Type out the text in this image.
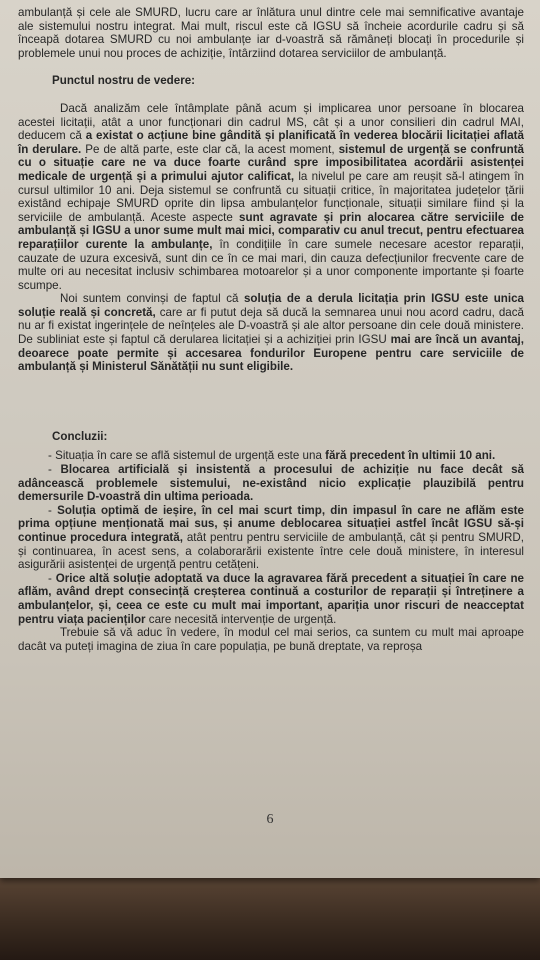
ambulanță și cele ale SMURD, lucru care ar înlătura unul dintre cele mai semnificative avantaje ale sistemului nostru integrat. Mai mult, riscul este că IGSU să încheie acordurile cadru și să înceapă dotarea SMURD cu noi ambulanțe iar d-voastră să rămâneți blocați în procedurile și problemele unui nou proces de achiziție, întârziind dotarea serviciilor de ambulanță.

Punctul nostru de vedere:

Dacă analizăm cele întâmplate până acum și implicarea unor persoane în blocarea acestei licitații, atât a unor funcționari din cadrul MS, cât și a unor consilieri din cadrul MAI, deducem că a existat o acțiune bine gândită și planificată în vederea blocării licitației aflată în derulare. Pe de altă parte, este clar că, la acest moment, sistemul de urgență se confruntă cu o situație care ne va duce foarte curând spre imposibilitatea acordării asistenței medicale de urgență și a primului ajutor calificat, la nivelul pe care am reușit să-l atingem în cursul ultimilor 10 ani. Deja sistemul se confruntă cu situații critice, în majoritatea județelor țării existând echipaje SMURD oprite din lipsa ambulanțelor funcționale, situații similare fiind și la serviciile de ambulanță. Aceste aspecte sunt agravate și prin alocarea către serviciile de ambulanță și IGSU a unor sume mult mai mici, comparativ cu anul trecut, pentru efectuarea reparațiilor curente la ambulanțe, în condițiile în care sumele necesare acestor reparații, cauzate de uzura excesivă, sunt din ce în ce mai mari, din cauza defecțiunilor frecvente care de multe ori au necesitat inclusiv schimbarea motoarelor și a unor componente importante și foarte scumpe.

Noi suntem convinși de faptul că soluția de a derula licitația prin IGSU este unica soluție reală și concretă, care ar fi putut deja să ducă la semnarea unui nou acord cadru, dacă nu ar fi existat ingerințele de neînțeles ale D-voastră și ale altor persoane din cele două ministere. De subliniat este și faptul că derularea licitației și a achiziției prin IGSU mai are încă un avantaj, deoarece poate permite și accesarea fondurilor Europene pentru care serviciile de ambulanță și Ministerul Sănătății nu sunt eligibile.

Concluzii:

- Situația în care se află sistemul de urgență este una fără precedent în ultimii 10 ani.

- Blocarea artificială și insistentă a procesului de achiziție nu face decât să adâncească problemele sistemului, ne-existând nicio explicație plauzibilă pentru demersurile D-voastră din ultima perioada.

- Soluția optimă de ieșire, în cel mai scurt timp, din impasul în care ne aflăm este prima opțiune menționată mai sus, și anume deblocarea situației astfel încât IGSU să-și continue procedura integrată, atât pentru pentru serviciile de ambulanță, cât și pentru SMURD, și continuarea, în acest sens, a colaborarării existente între cele două ministere, în interesul asigurării asistenței de urgență pentru cetățeni.

- Orice altă soluție adoptată va duce la agravarea fără precedent a situației în care ne aflăm, având drept consecință creșterea continuă a costurilor de reparații și întreținere a ambulanțelor, și, ceea ce este cu mult mai important, apariția unor riscuri de neacceptat pentru viața pacienților care necesită intervenție de urgență.

Trebuie să vă aduc în vedere, în modul cel mai serios, ca suntem cu mult mai aproape dacât va puteți imagina de ziua în care populația, pe bună dreptate, va reproșa

6
